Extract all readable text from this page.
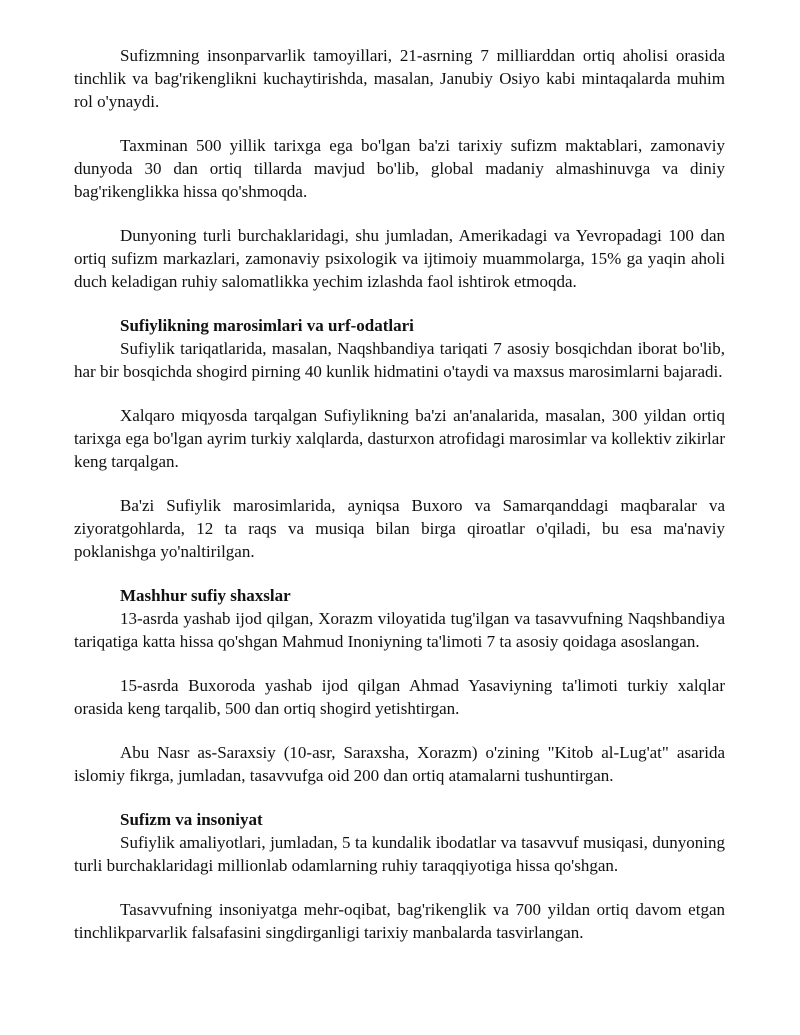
Sufizmning insonparvarlik tamoyillari, 21-asrning 7 milliarddan ortiq aholisi orasida tinchlik va bag'rikenglikni kuchaytirishda, masalan, Janubiy Osiyo kabi mintaqalarda muhim rol o'ynaydi.

Taxminan 500 yillik tarixga ega bo'lgan ba'zi tarixiy sufizm maktablari, zamonaviy dunyoda 30 dan ortiq tillarda mavjud bo'lib, global madaniy almashinuvga va diniy bag'rikenglikka hissa qo'shmoqda.

Dunyoning turli burchaklaridagi, shu jumladan, Amerikadagi va Yevropadagi 100 dan ortiq sufizm markazlari, zamonaviy psixologik va ijtimoiy muammolarga, 15% ga yaqin aholi duch keladigan ruhiy salomatlikka yechim izlashda faol ishtirok etmoqda.

Sufiylikning marosimlari va urf-odatlari

Sufiylik tariqatlarida, masalan, Naqshbandiya tariqati 7 asosiy bosqichdan iborat bo'lib, har bir bosqichda shogird pirning 40 kunlik hidmatini o'taydi va maxsus marosimlarni bajaradi.

Xalqaro miqyosda tarqalgan Sufiylikning ba'zi an'analarida, masalan, 300 yildan ortiq tarixga ega bo'lgan ayrim turkiy xalqlarda, dasturxon atrofidagi marosimlar va kollektiv zikirlar keng tarqalgan.

Ba'zi Sufiylik marosimlarida, ayniqsa Buxoro va Samarqanddagi maqbaralar va ziyoratgohlarda, 12 ta raqs va musiqa bilan birga qiroatlar o'qiladi, bu esa ma'naviy poklanishga yo'naltirilgan.

Mashhur sufiy shaxslar

13-asrda yashab ijod qilgan, Xorazm viloyatida tug'ilgan va tasavvufning Naqshbandiya tariqatiga katta hissa qo'shgan Mahmud Inoniyning ta'limoti 7 ta asosiy qoidaga asoslangan.

15-asrda Buxoroda yashab ijod qilgan Ahmad Yasaviyning ta'limoti turkiy xalqlar orasida keng tarqalib, 500 dan ortiq shogird yetishtirgan.

Abu Nasr as-Saraxsiy (10-asr, Saraxsha, Xorazm) o'zining "Kitob al-Lug'at" asarida islomiy fikrga, jumladan, tasavvufga oid 200 dan ortiq atamalarni tushuntirgan.

Sufizm va insoniyat

Sufiylik amaliyotlari, jumladan, 5 ta kundalik ibodatlar va tasavvuf musiqasi, dunyoning turli burchaklaridagi millionlab odamlarning ruhiy taraqqiyotiga hissa qo'shgan.

Tasavvufning insoniyatga mehr-oqibat, bag'rikenglik va 700 yildan ortiq davom etgan tinchlikparvarlik falsafasini singdirganligi tarixiy manbalarda tasvirlangan.
